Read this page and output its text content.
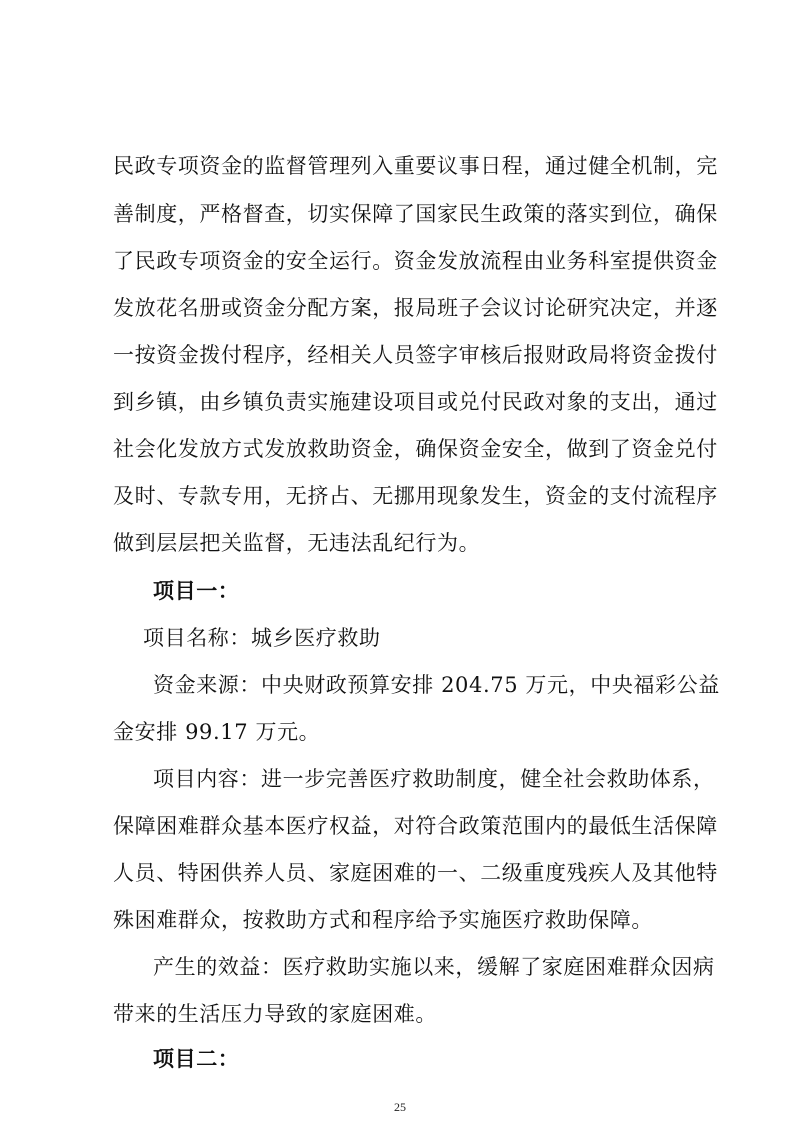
民政专项资金的监督管理列入重要议事日程，通过健全机制，完
善制度，严格督查，切实保障了国家民生政策的落实到位，确保
了民政专项资金的安全运行。资金发放流程由业务科室提供资金
发放花名册或资金分配方案，报局班子会议讨论研究决定，并逐
一按资金拨付程序，经相关人员签字审核后报财政局将资金拨付
到乡镇，由乡镇负责实施建设项目或兑付民政对象的支出，通过
社会化发放方式发放救助资金，确保资金安全，做到了资金兑付
及时、专款专用，无挤占、无挪用现象发生，资金的支付流程序
做到层层把关监督，无违法乱纪行为。
项目一：
项目名称：城乡医疗救助
资金来源：中央财政预算安排 204.75 万元，中央福彩公益
金安排 99.17 万元。
项目内容：进一步完善医疗救助制度，健全社会救助体系，
保障困难群众基本医疗权益，对符合政策范围内的最低生活保障
人员、特困供养人员、家庭困难的一、二级重度残疾人及其他特
殊困难群众，按救助方式和程序给予实施医疗救助保障。
产生的效益：医疗救助实施以来，缓解了家庭困难群众因病
带来的生活压力导致的家庭困难。
项目二：
25
